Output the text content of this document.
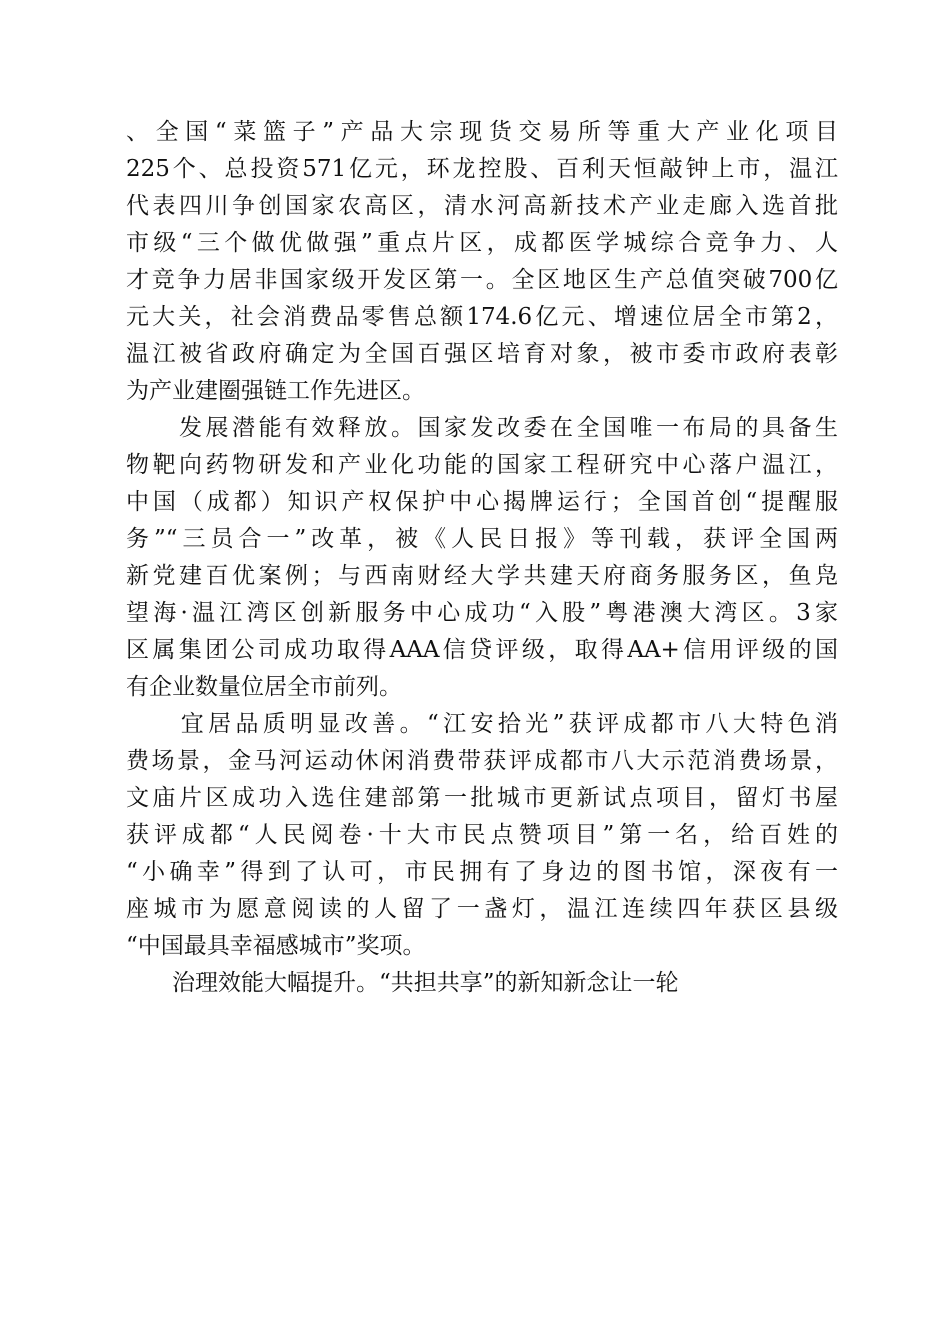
、全国“菜篮子”产品大宗现货交易所等重大产业化项目
225个、总投资571亿元，环龙控股、百利天恒敲钟上市，温江
代表四川争创国家农高区，清水河高新技术产业走廊入选首批
市级“三个做优做强”重点片区，成都医学城综合竞争力、人
才竞争力居非国家级开发区第一。全区地区生产总值突破700亿
元大关，社会消费品零售总额174.6亿元、增速位居全市第2，
温江被省政府确定为全国百强区培育对象，被市委市政府表彰
为产业建圈强链工作先进区。
　　发展潜能有效释放。国家发改委在全国唯一布局的具备生
物靶向药物研发和产业化功能的国家工程研究中心落户温江，
中国（成都）知识产权保护中心揭牌运行；全国首创“提醒服
务”“三员合一”改革，被《人民日报》等刊载，获评全国两
新党建百优案例；与西南财经大学共建天府商务服务区，鱼凫
望海·温江湾区创新服务中心成功“入股”粤港澳大湾区。3家
区属集团公司成功取得AAA信贷评级，取得AA+信用评级的国
有企业数量位居全市前列。
　　宜居品质明显改善。“江安拾光”获评成都市八大特色消
费场景，金马河运动休闲消费带获评成都市八大示范消费场景，
文庙片区成功入选住建部第一批城市更新试点项目，留灯书屋
获评成都“人民阅卷·十大市民点赞项目”第一名，给百姓的
“小确幸”得到了认可，市民拥有了身边的图书馆，深夜有一
座城市为愿意阅读的人留了一盏灯，温江连续四年获区县级
“中国最具幸福感城市”奖项。
　　治理效能大幅提升。“共担共享”的新知新念让一轮
